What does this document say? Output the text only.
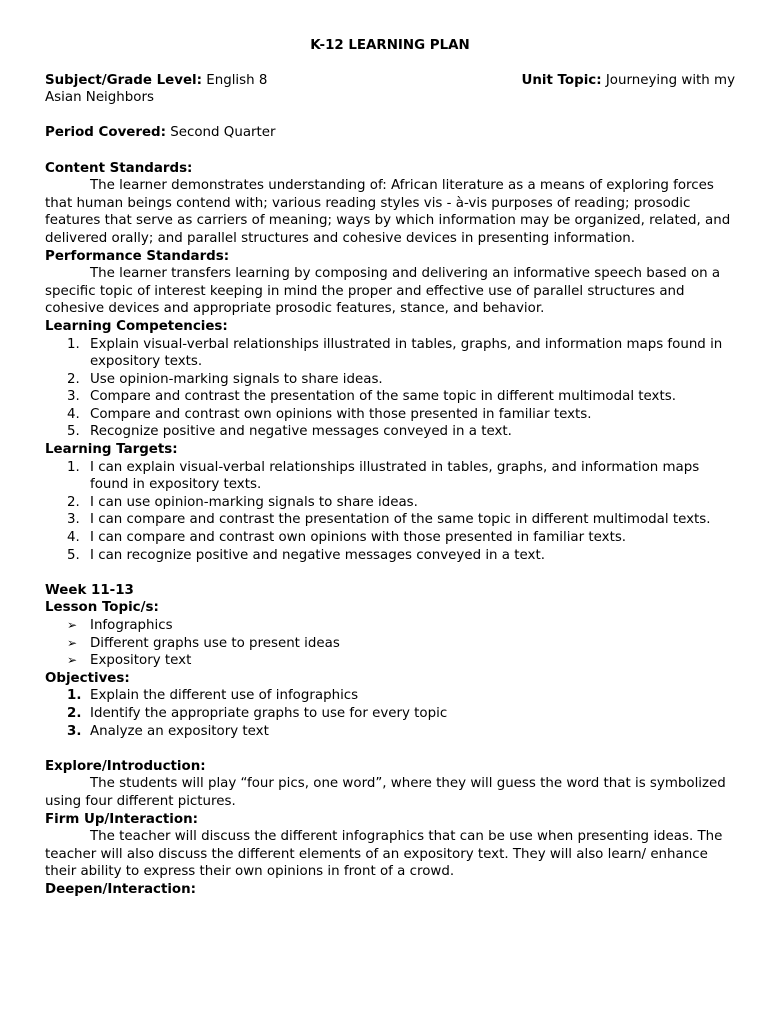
K-12 LEARNING PLAN

Subject/Grade Level: English 8	Unit Topic: Journeying with my

Asian Neighbors

Period Covered: Second Quarter

Content Standards:

The learner demonstrates understanding of: African literature as a means of exploring forces that human beings contend with; various reading styles vis - à-vis purposes of reading; prosodic features that serve as carriers of meaning; ways by which information may be organized, related, and delivered orally; and parallel structures and cohesive devices in presenting information.

Performance Standards:

The learner transfers learning by composing and delivering an informative speech based on a specific topic of interest keeping in mind the proper and effective use of parallel structures and cohesive devices and appropriate prosodic features, stance, and behavior.

Learning Competencies:

1. Explain visual-verbal relationships illustrated in tables, graphs, and information maps found in expository texts.
2. Use opinion-marking signals to share ideas.
3. Compare and contrast the presentation of the same topic in different multimodal texts.
4. Compare and contrast own opinions with those presented in familiar texts.
5. Recognize positive and negative messages conveyed in a text.

Learning Targets:

1. I can explain visual-verbal relationships illustrated in tables, graphs, and information maps found in expository texts.
2. I can use opinion-marking signals to share ideas.
3. I can compare and contrast the presentation of the same topic in different multimodal texts.
4. I can compare and contrast own opinions with those presented in familiar texts.
5. I can recognize positive and negative messages conveyed in a text.

Week 11-13

Lesson Topic/s:

➢ Infographics
➢ Different graphs use to present ideas
➢ Expository text

Objectives:

1. Explain the different use of infographics
2. Identify the appropriate graphs to use for every topic
3. Analyze an expository text

Explore/Introduction:

The students will play “four pics, one word”, where they will guess the word that is symbolized using four different pictures.

Firm Up/Interaction:

The teacher will discuss the different infographics that can be use when presenting ideas. The teacher will also discuss the different elements of an expository text. They will also learn/ enhance their ability to express their own opinions in front of a crowd.

Deepen/Interaction:
